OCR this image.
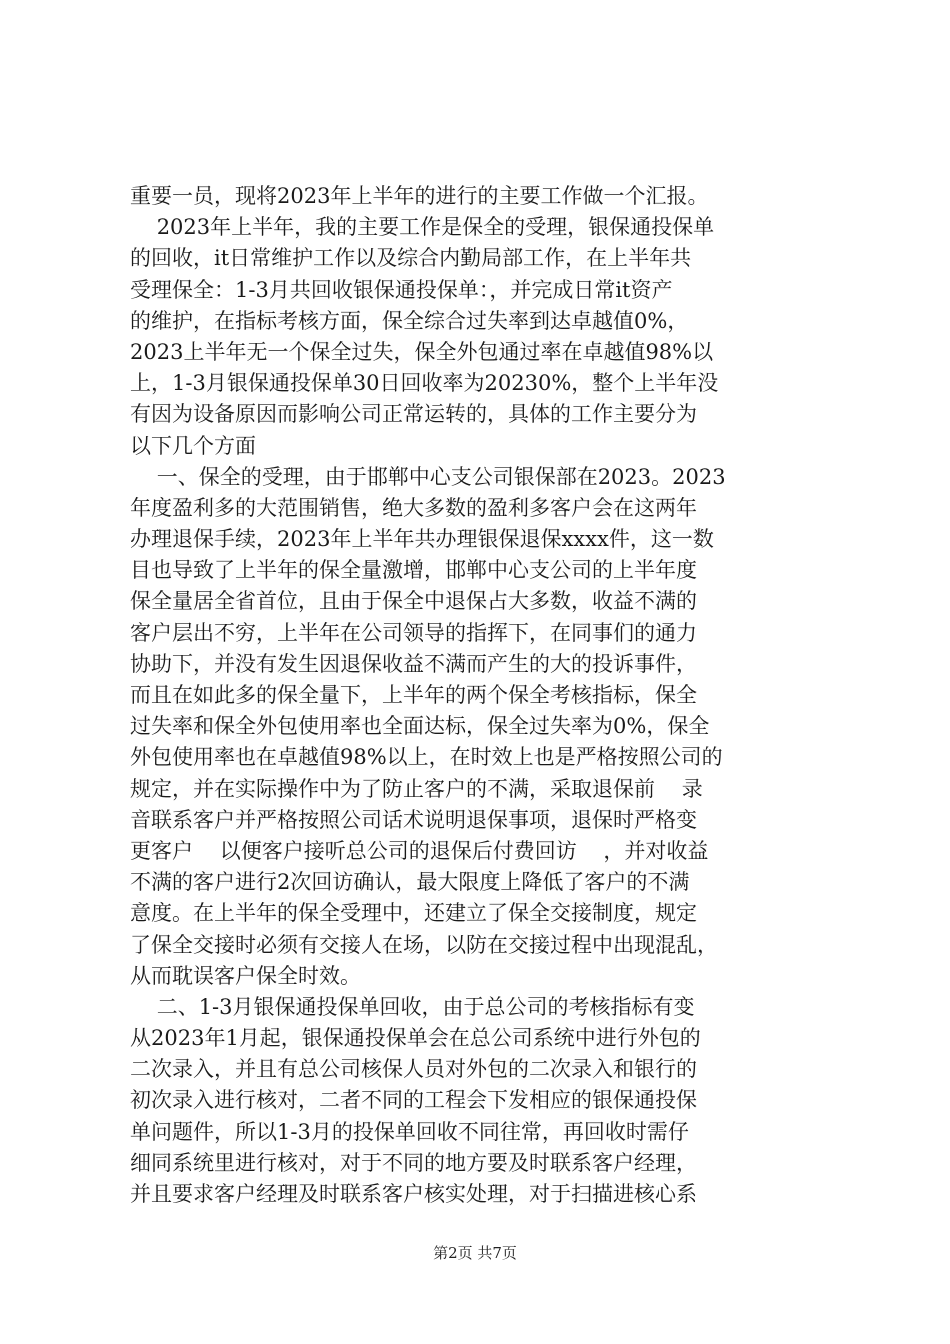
重要一员，现将2023年上半年的进行的主要工作做一个汇报。
2023年上半年，我的主要工作是保全的受理，银保通投保单
的回收，it日常维护工作以及综合内勤局部工作，在上半年共
受理保全：1-3月共回收银保通投保单：，并完成日常it资产
的维护，在指标考核方面，保全综合过失率到达卓越值0%，
2023上半年无一个保全过失，保全外包通过率在卓越值98%以
上，1-3月银保通投保单30日回收率为20230%，整个上半年没
有因为设备原因而影响公司正常运转的，具体的工作主要分为
以下几个方面
一、保全的受理，由于邯郸中心支公司银保部在2023。2023
年度盈利多的大范围销售，绝大多数的盈利多客户会在这两年
办理退保手续，2023年上半年共办理银保退保xxxx件，这一数
目也导致了上半年的保全量激增，邯郸中心支公司的上半年度
保全量居全省首位，且由于保全中退保占大多数，收益不满的
客户层出不穷，上半年在公司领导的指挥下，在同事们的通力
协助下，并没有发生因退保收益不满而产生的大的投诉事件，
而且在如此多的保全量下，上半年的两个保全考核指标，保全
过失率和保全外包使用率也全面达标，保全过失率为0%，保全
外包使用率也在卓越值98%以上，在时效上也是严格按照公司的
规定，并在实际操作中为了防止客户的不满，采取退保前    录
音联系客户并严格按照公司话术说明退保事项，退保时严格变
更客户    以便客户接听总公司的退保后付费回访    ，并对收益
不满的客户进行2次回访确认，最大限度上降低了客户的不满
意度。在上半年的保全受理中，还建立了保全交接制度，规定
了保全交接时必须有交接人在场，以防在交接过程中出现混乱，
从而耽误客户保全时效。
二、1-3月银保通投保单回收，由于总公司的考核指标有变
从2023年1月起，银保通投保单会在总公司系统中进行外包的
二次录入，并且有总公司核保人员对外包的二次录入和银行的
初次录入进行核对，二者不同的工程会下发相应的银保通投保
单问题件，所以1-3月的投保单回收不同往常，再回收时需仔
细同系统里进行核对，对于不同的地方要及时联系客户经理，
并且要求客户经理及时联系客户核实处理，对于扫描进核心系
第2页 共7页
